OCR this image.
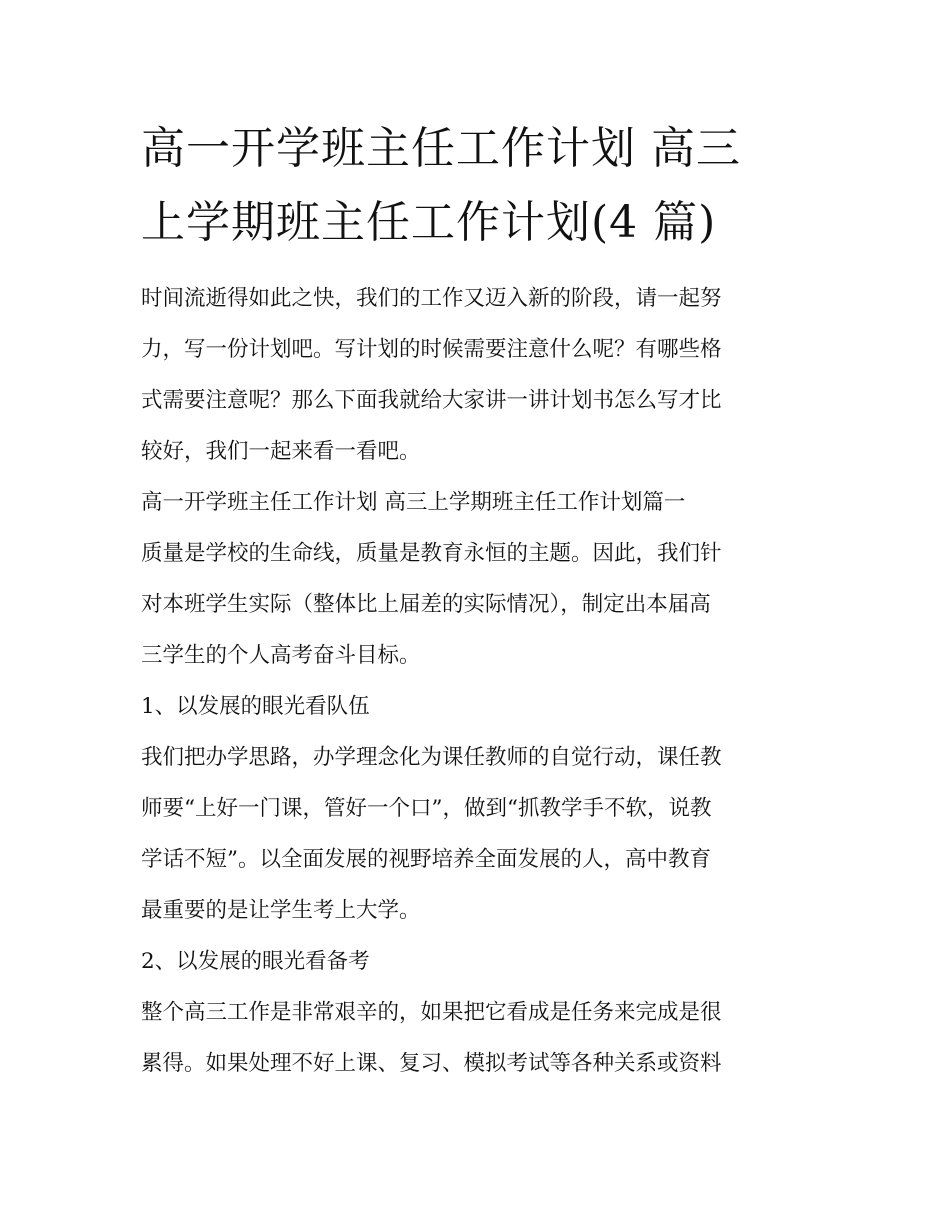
高一开学班主任工作计划 高三
上学期班主任工作计划(4 篇)

时间流逝得如此之快，我们的工作又迈入新的阶段，请一起努
力，写一份计划吧。写计划的时候需要注意什么呢？有哪些格
式需要注意呢？那么下面我就给大家讲一讲计划书怎么写才比
较好，我们一起来看一看吧。

高一开学班主任工作计划 高三上学期班主任工作计划篇一

质量是学校的生命线，质量是教育永恒的主题。因此，我们针
对本班学生实际（整体比上届差的实际情况），制定出本届高
三学生的个人高考奋斗目标。

1、以发展的眼光看队伍

我们把办学思路，办学理念化为课任教师的自觉行动，课任教
师要“上好一门课，管好一个口”，做到“抓教学手不软，说教
学话不短”。以全面发展的视野培养全面发展的人，高中教育
最重要的是让学生考上大学。

2、以发展的眼光看备考

整个高三工作是非常艰辛的，如果把它看成是任务来完成是很
累得。如果处理不好上课、复习、模拟考试等各种关系或资料
